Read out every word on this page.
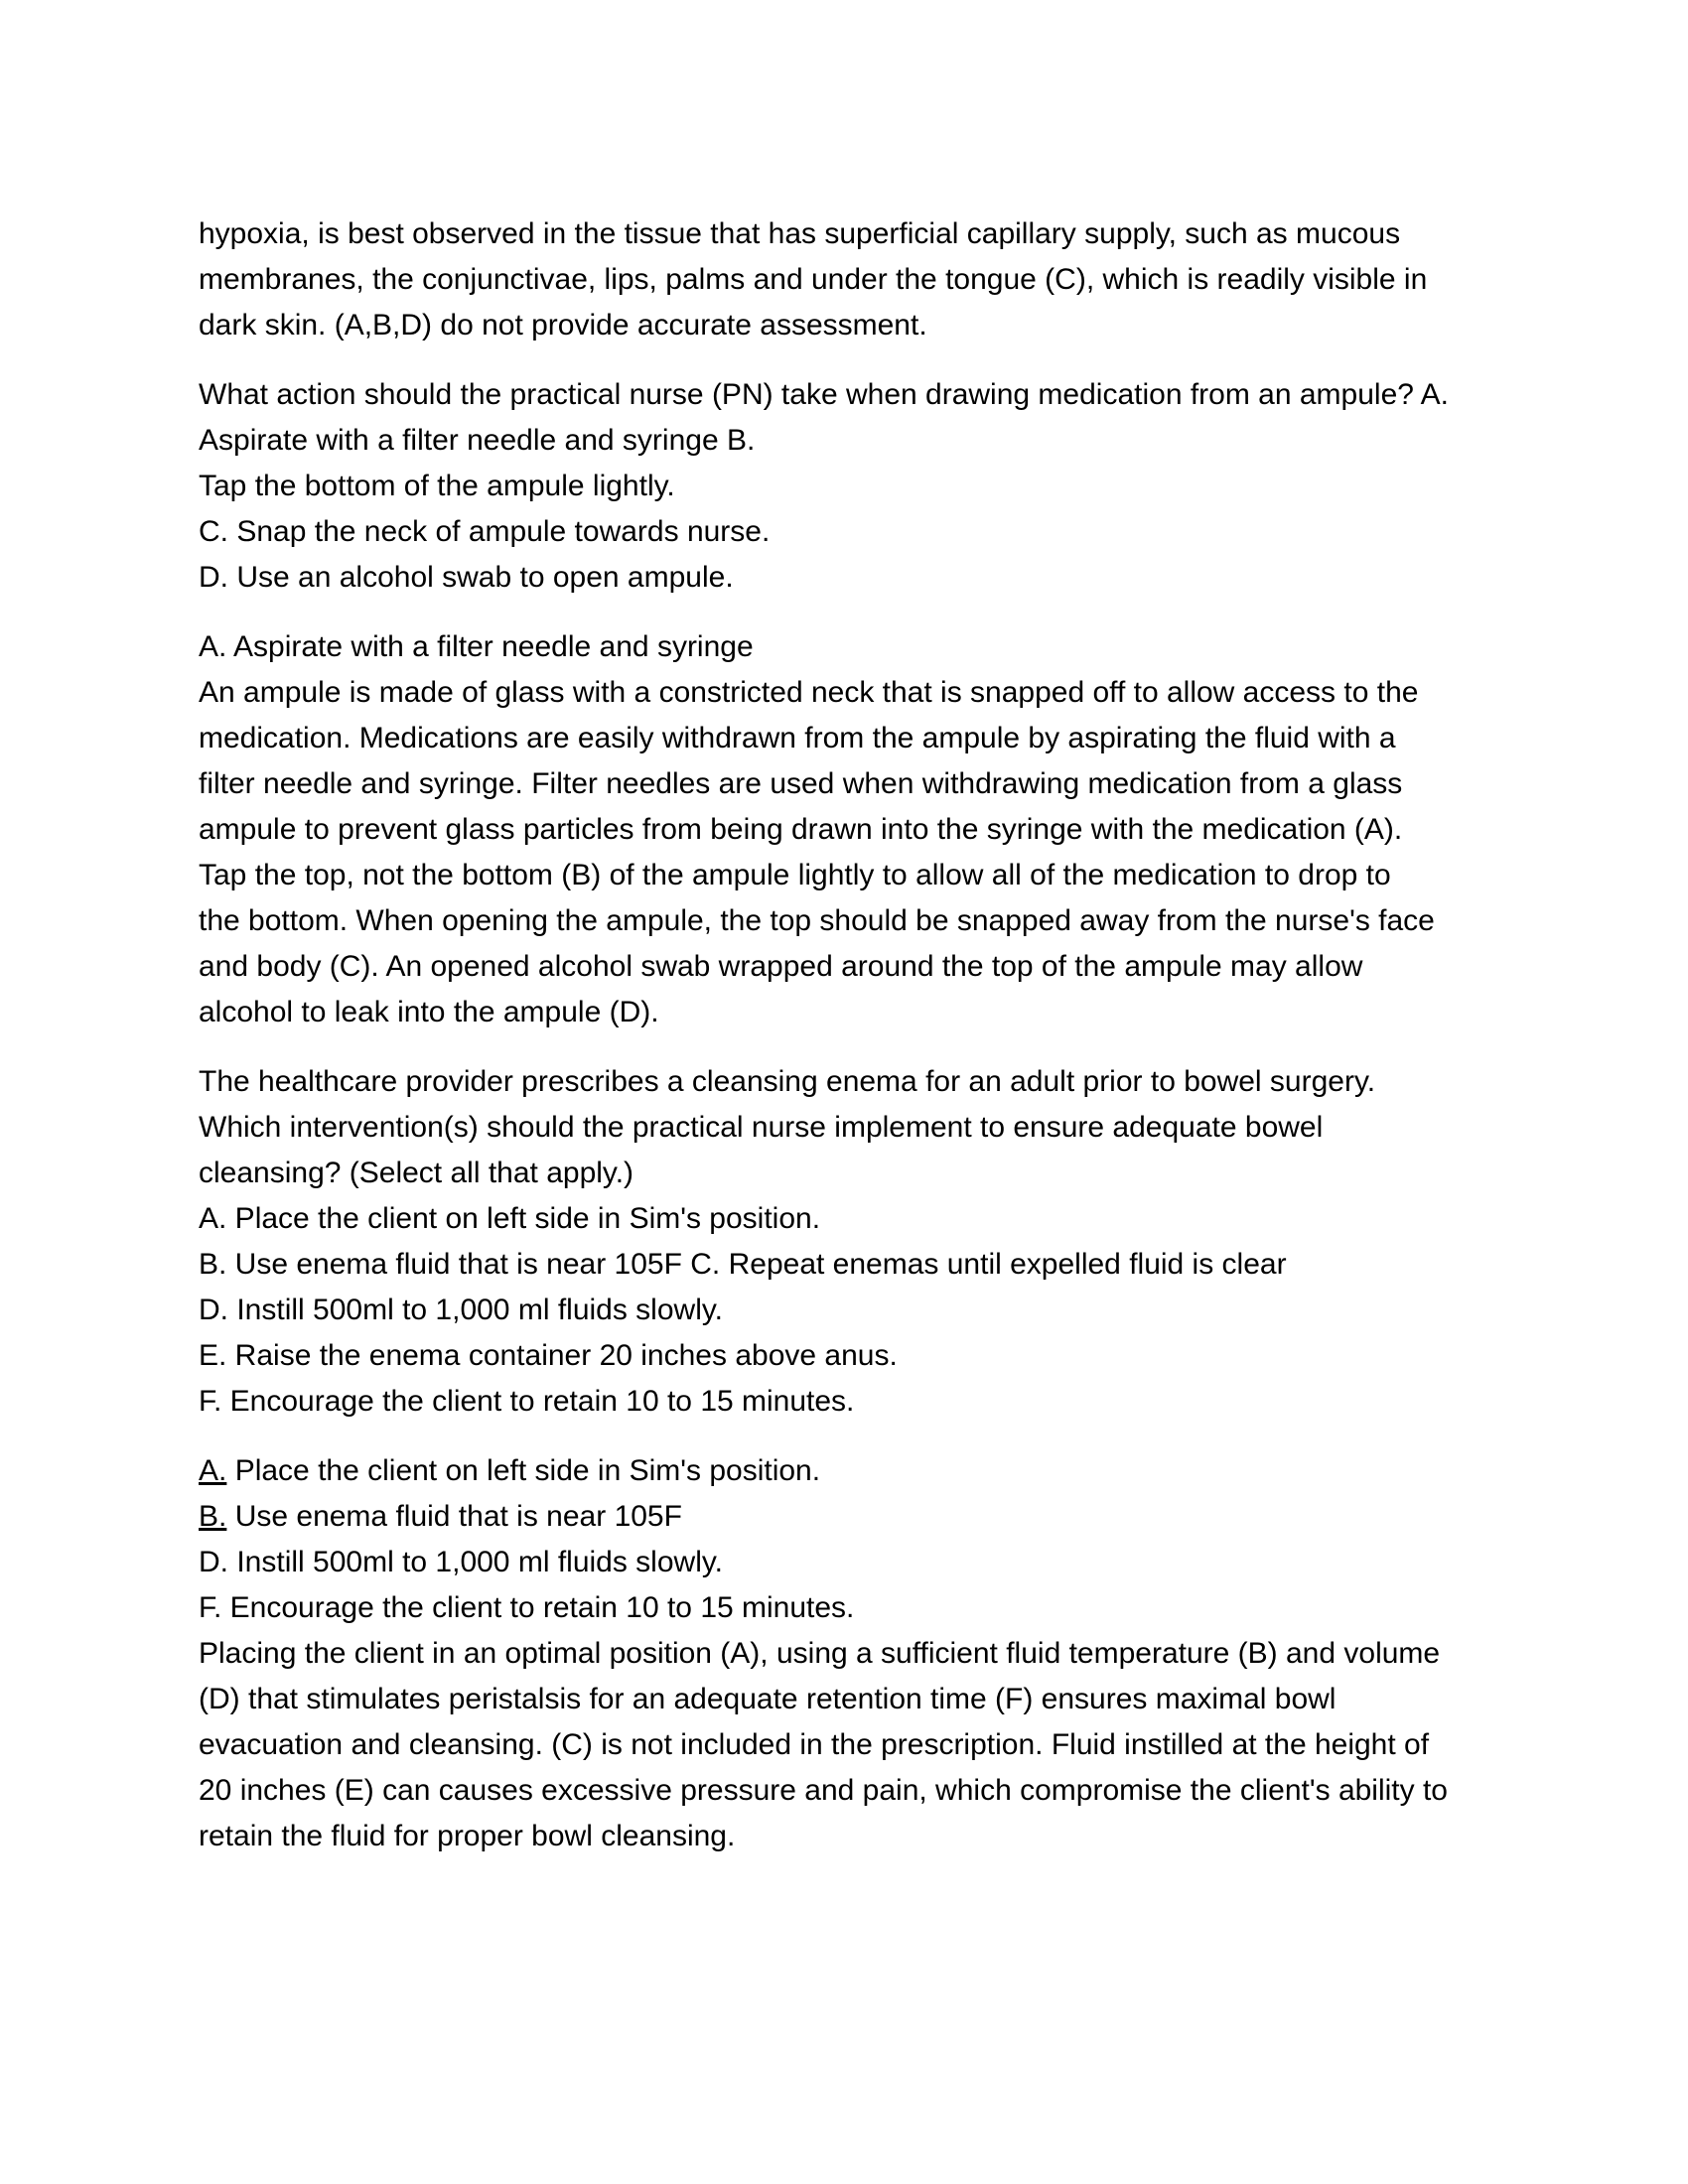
hypoxia, is best observed in the tissue that has superficial capillary supply, such as mucous
membranes, the conjunctivae, lips, palms and under the tongue (C), which is readily visible in
dark skin. (A,B,D) do not provide accurate assessment.
What action should the practical nurse (PN) take when drawing medication from an ampule? A.
Aspirate with a filter needle and syringe B.
Tap the bottom of the ampule lightly.
C. Snap the neck of ampule towards nurse.
D. Use an alcohol swab to open ampule.
A. Aspirate with a filter needle and syringe
An ampule is made of glass with a constricted neck that is snapped off to allow access to the
medication. Medications are easily withdrawn from the ampule by aspirating the fluid with a
filter needle and syringe. Filter needles are used when withdrawing medication from a glass
ampule to prevent glass particles from being drawn into the syringe with the medication (A).
Tap the top, not the bottom (B) of the ampule lightly to allow all of the medication to drop to
the bottom. When opening the ampule, the top should be snapped away from the nurse's face
and body (C). An opened alcohol swab wrapped around the top of the ampule may allow
alcohol to leak into the ampule (D).
The healthcare provider prescribes a cleansing enema for an adult prior to bowel surgery.
Which intervention(s) should the practical nurse implement to ensure adequate bowel
cleansing? (Select all that apply.)
A. Place the client on left side in Sim's position.
B. Use enema fluid that is near 105F C. Repeat enemas until expelled fluid is clear
D. Instill 500ml to 1,000 ml fluids slowly.
E. Raise the enema container 20 inches above anus.
F. Encourage the client to retain 10 to 15 minutes.
A. Place the client on left side in Sim's position.
B. Use enema fluid that is near 105F
D. Instill 500ml to 1,000 ml fluids slowly.
F. Encourage the client to retain 10 to 15 minutes.
Placing the client in an optimal position (A), using a sufficient fluid temperature (B) and volume
(D) that stimulates peristalsis for an adequate retention time (F) ensures maximal bowl
evacuation and cleansing. (C) is not included in the prescription. Fluid instilled at the height of
20 inches (E) can causes excessive pressure and pain, which compromise the client's ability to
retain the fluid for proper bowl cleansing.
